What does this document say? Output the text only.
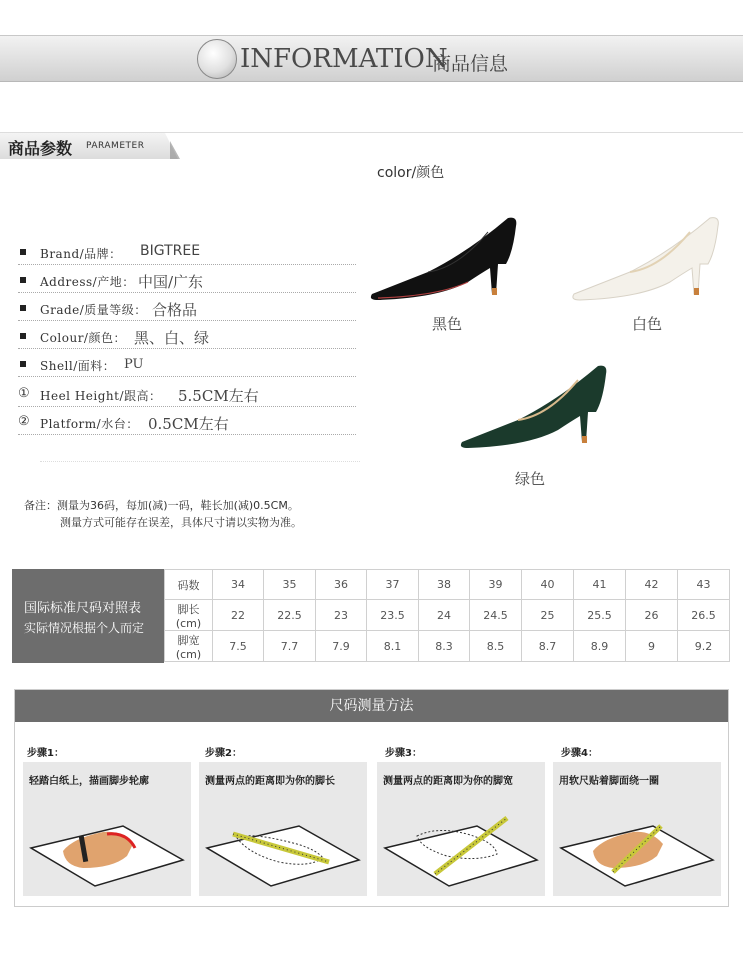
INFORMATION
商品信息
商品参数 PARAMETER
Brand/品牌： BIGTREE
Address/产地： 中国/广东
Grade/质量等级： 合格品
Colour/颜色： 黑、白、绿
Shell/面料： PU
① Heel Height/跟高： 5.5CM左右
② Platform/水台： 0.5CM左右
备注：测量为36码，每加(减)一码，鞋长加(减)0.5CM。
测量方式可能存在误差，具体尺寸请以实物为准。
color/颜色
黑色	白色
绿色
国际标准尺码对照表
实际情况根据个人而定
码数	34	35	36	37	38	39	40	41	42	43
脚长(cm)	22	22.5	23	23.5	24	24.5	25	25.5	26	26.5
脚宽(cm)	7.5	7.7	7.9	8.1	8.3	8.5	8.7	8.9	9	9.2
尺码测量方法
步骤1：
轻踏白纸上，描画脚步轮廓
步骤2：
测量两点的距离即为你的脚长
步骤3：
测量两点的距离即为你的脚宽
步骤4：
用软尺贴着脚面绕一圈
